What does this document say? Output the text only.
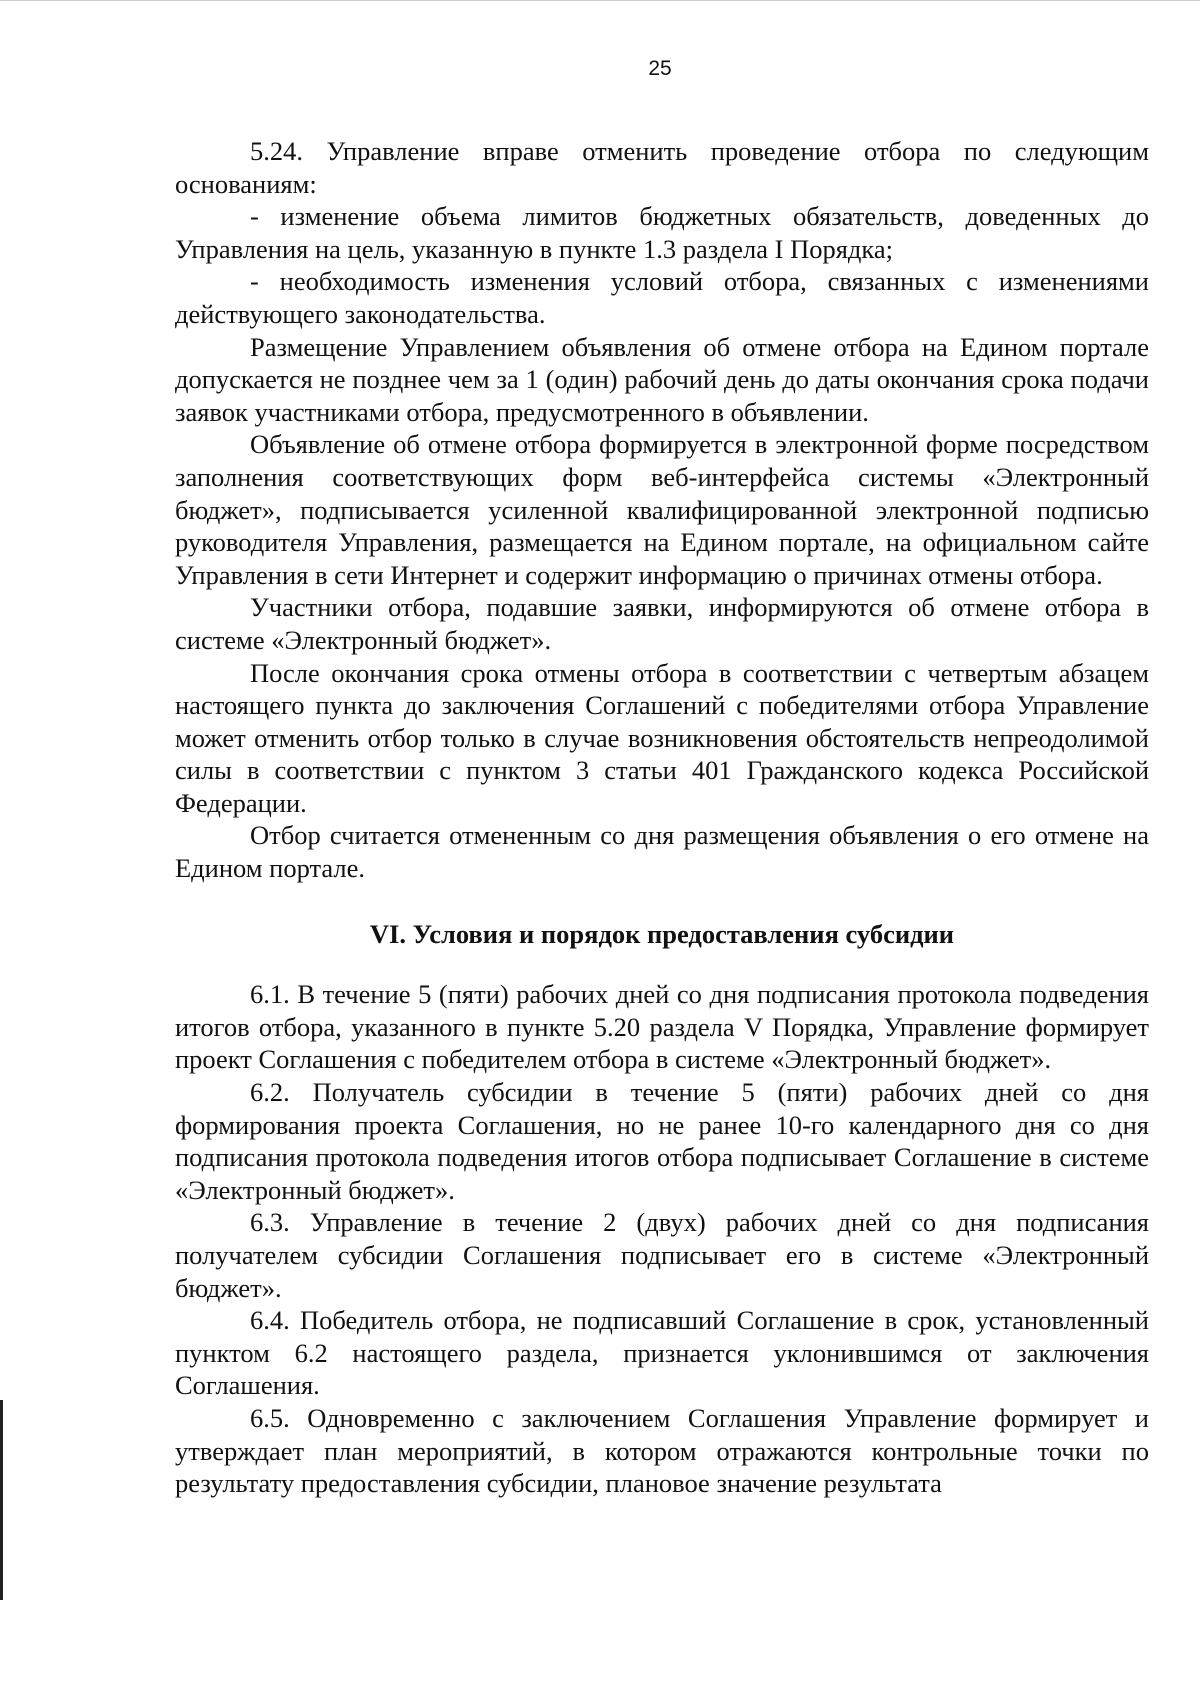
25

5.24. Управление вправе отменить проведение отбора по следующим основаниям:

- изменение объема лимитов бюджетных обязательств, доведенных до Управления на цель, указанную в пункте 1.3 раздела I Порядка;

- необходимость изменения условий отбора, связанных с изменениями действующего законодательства.

Размещение Управлением объявления об отмене отбора на Едином портале допускается не позднее чем за 1 (один) рабочий день до даты окончания срока подачи заявок участниками отбора, предусмотренного в объявлении.

Объявление об отмене отбора формируется в электронной форме посредством заполнения соответствующих форм веб-интерфейса системы «Электронный бюджет», подписывается усиленной квалифицированной электронной подписью руководителя Управления, размещается на Едином портале, на официальном сайте Управления в сети Интернет и содержит информацию о причинах отмены отбора.

Участники отбора, подавшие заявки, информируются об отмене отбора в системе «Электронный бюджет».

После окончания срока отмены отбора в соответствии с четвертым абзацем настоящего пункта до заключения Соглашений с победителями отбора Управление может отменить отбор только в случае возникновения обстоятельств непреодолимой силы в соответствии с пунктом 3 статьи 401 Гражданского кодекса Российской Федерации.

Отбор считается отмененным со дня размещения объявления о его отмене на Едином портале.

VI. Условия и порядок предоставления субсидии

6.1. В течение 5 (пяти) рабочих дней со дня подписания протокола подведения итогов отбора, указанного в пункте 5.20 раздела V Порядка, Управление формирует проект Соглашения с победителем отбора в системе «Электронный бюджет».

6.2. Получатель субсидии в течение 5 (пяти) рабочих дней со дня формирования проекта Соглашения, но не ранее 10-го календарного дня со дня подписания протокола подведения итогов отбора подписывает Соглашение в системе «Электронный бюджет».

6.3. Управление в течение 2 (двух) рабочих дней со дня подписания получателем субсидии Соглашения подписывает его в системе «Электронный бюджет».

6.4. Победитель отбора, не подписавший Соглашение в срок, установленный пунктом 6.2 настоящего раздела, признается уклонившимся от заключения Соглашения.

6.5. Одновременно с заключением Соглашения Управление формирует и утверждает план мероприятий, в котором отражаются контрольные точки по результату предоставления субсидии, плановое значение результата
